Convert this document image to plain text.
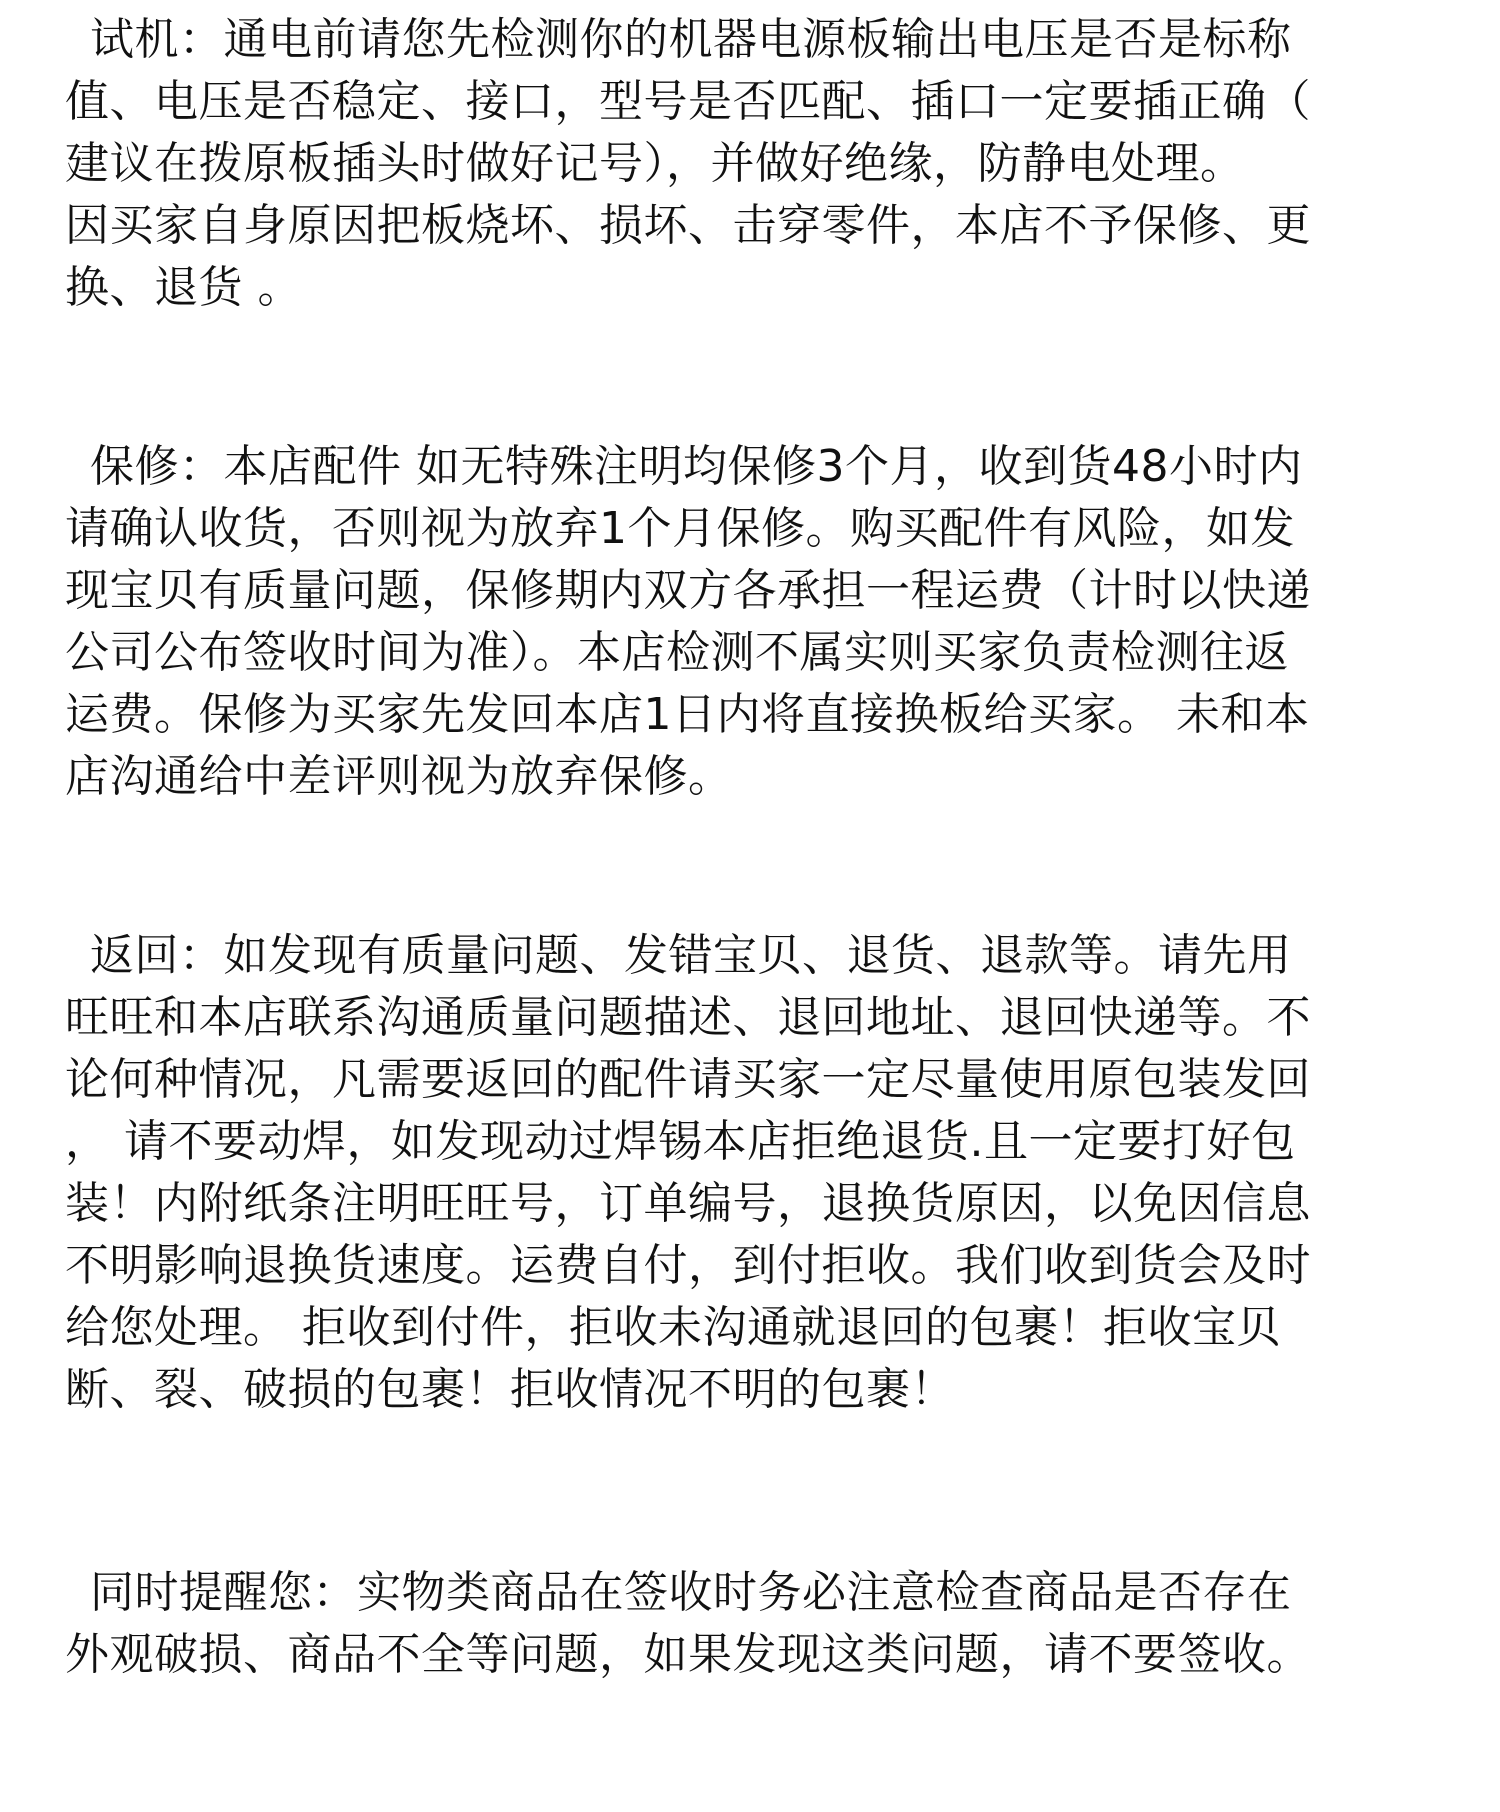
试机：通电前请您先检测你的机器电源板输出电压是否是标称
值、电压是否稳定、接口，型号是否匹配、插口一定要插正确（
建议在拨原板插头时做好记号），并做好绝缘，防静电处理。
因买家自身原因把板烧坏、损坏、击穿零件，本店不予保修、更
换、退货 。
保修：本店配件 如无特殊注明均保修3个月，收到货48小时内
请确认收货，否则视为放弃1个月保修。购买配件有风险，如发
现宝贝有质量问题，保修期内双方各承担一程运费（计时以快递
公司公布签收时间为准）。本店检测不属实则买家负责检测往返
运费。保修为买家先发回本店1日内将直接换板给买家。 未和本
店沟通给中差评则视为放弃保修。
返回：如发现有质量问题、发错宝贝、退货、退款等。请先用
旺旺和本店联系沟通质量问题描述、退回地址、退回快递等。不
论何种情况，凡需要返回的配件请买家一定尽量使用原包装发回
， 请不要动焊，如发现动过焊锡本店拒绝退货.且一定要打好包
装！内附纸条注明旺旺号，订单编号，退换货原因，以免因信息
不明影响退换货速度。运费自付，到付拒收。我们收到货会及时
给您处理。 拒收到付件，拒收未沟通就退回的包裹！拒收宝贝
断、裂、破损的包裹！拒收情况不明的包裹！
同时提醒您：实物类商品在签收时务必注意检查商品是否存在
外观破损、商品不全等问题，如果发现这类问题，请不要签收。
